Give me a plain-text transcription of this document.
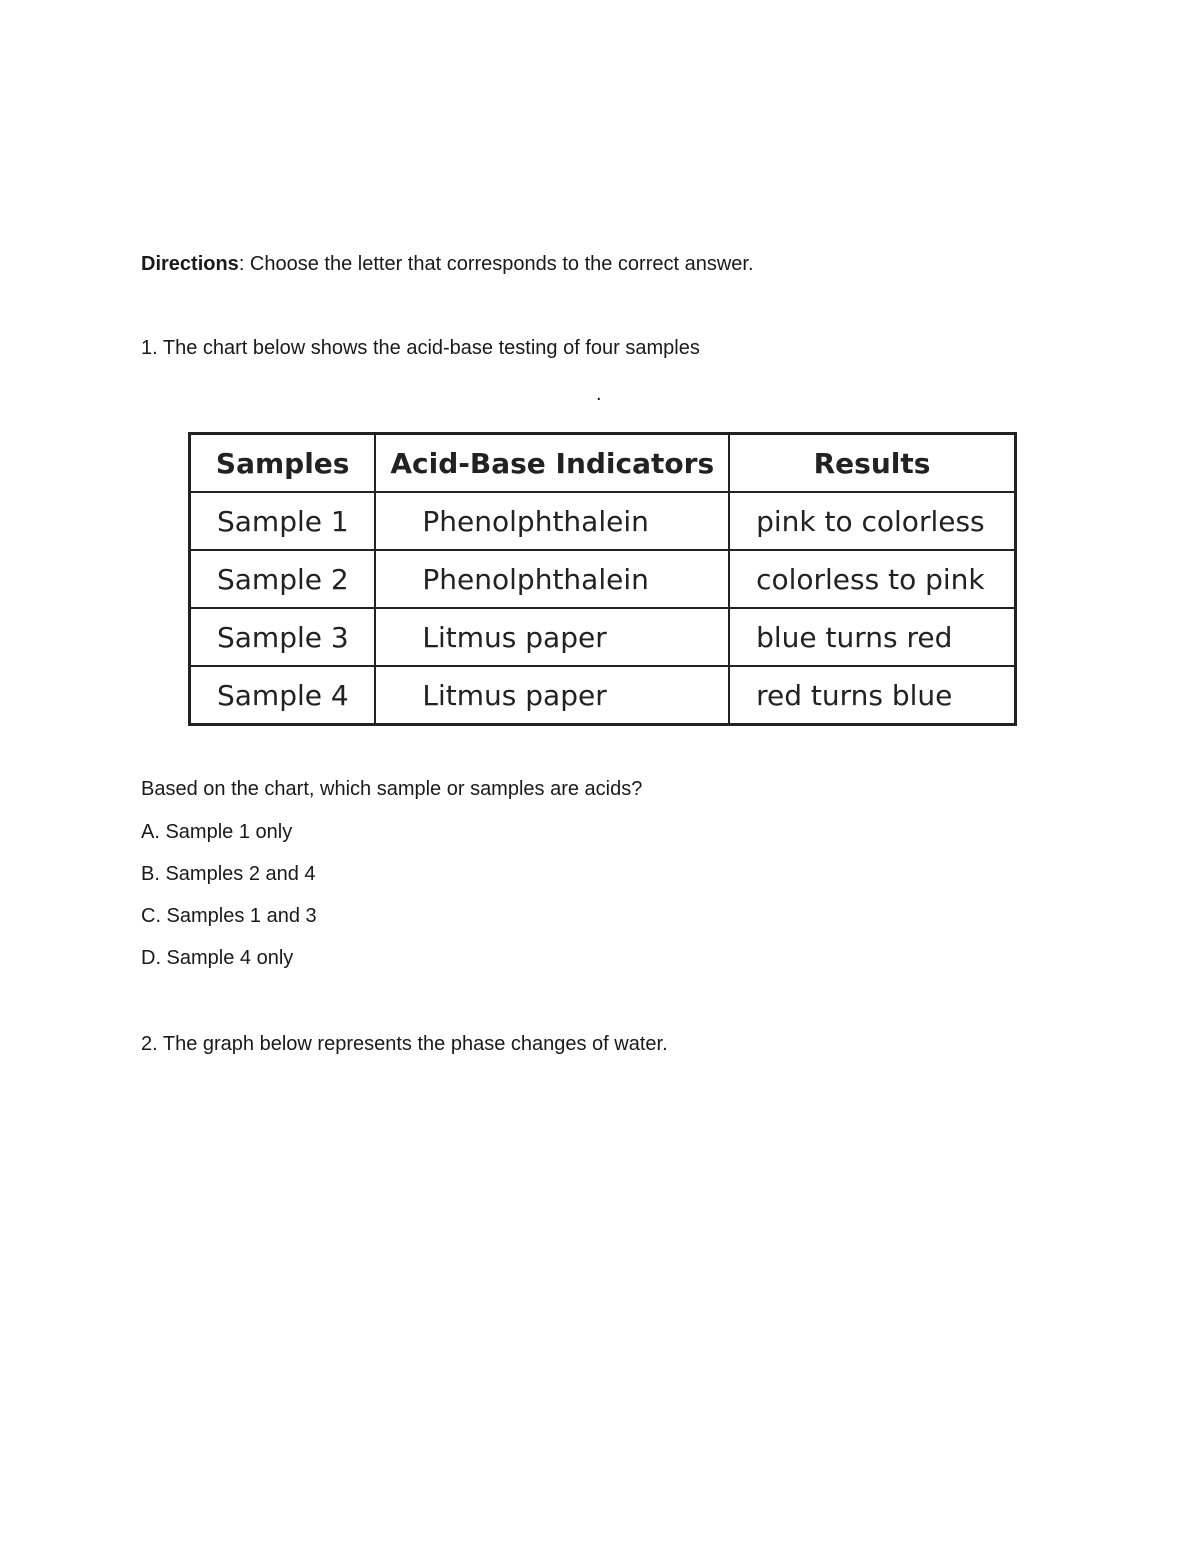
Directions: Choose the letter that corresponds to the correct answer.
1. The chart below shows the acid-base testing of four samples
.
Samples	Acid-Base Indicators	Results
Sample 1	Phenolphthalein	pink to colorless
Sample 2	Phenolphthalein	colorless to pink
Sample 3	Litmus paper	blue turns red
Sample 4	Litmus paper	red turns blue
Based on the chart, which sample or samples are acids?
A. Sample 1 only
B. Samples 2 and 4
C. Samples 1 and 3
D. Sample 4 only
2. The graph below represents the phase changes of water.
